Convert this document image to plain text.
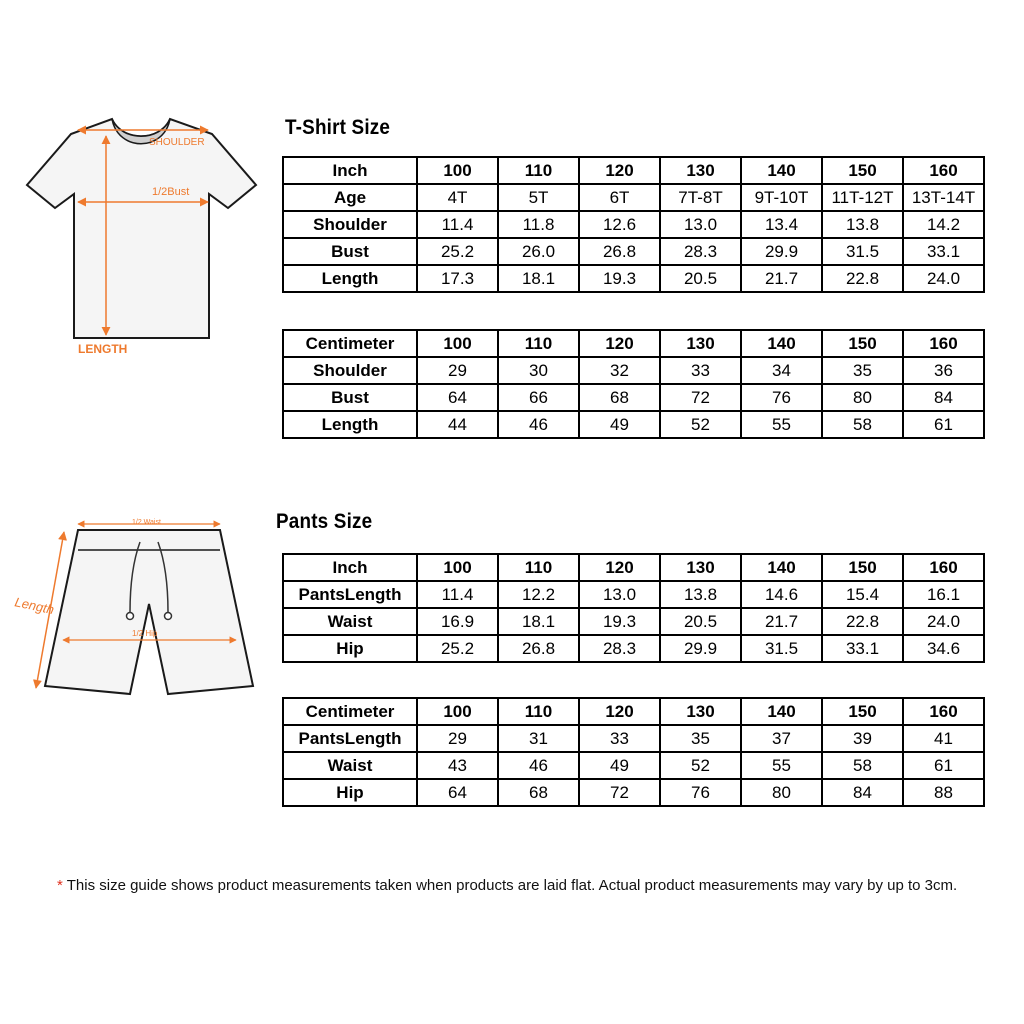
SHOULDER
1/2Bust
LENGTH
T-Shirt Size
Inch	100	110	120	130	140	150	160
Age	4T	5T	6T	7T-8T	9T-10T	11T-12T	13T-14T
Shoulder	11.4	11.8	12.6	13.0	13.4	13.8	14.2
Bust	25.2	26.0	26.8	28.3	29.9	31.5	33.1
Length	17.3	18.1	19.3	20.5	21.7	22.8	24.0
Centimeter	100	110	120	130	140	150	160
Shoulder	29	30	32	33	34	35	36
Bust	64	66	68	72	76	80	84
Length	44	46	49	52	55	58	61
1/2 Waist
1/2 Hip
Length
Pants Size
Inch	100	110	120	130	140	150	160
PantsLength	11.4	12.2	13.0	13.8	14.6	15.4	16.1
Waist	16.9	18.1	19.3	20.5	21.7	22.8	24.0
Hip	25.2	26.8	28.3	29.9	31.5	33.1	34.6
Centimeter	100	110	120	130	140	150	160
PantsLength	29	31	33	35	37	39	41
Waist	43	46	49	52	55	58	61
Hip	64	68	72	76	80	84	88
* This size guide shows product measurements taken when products are laid flat. Actual product measurements may vary by up to 3cm.
